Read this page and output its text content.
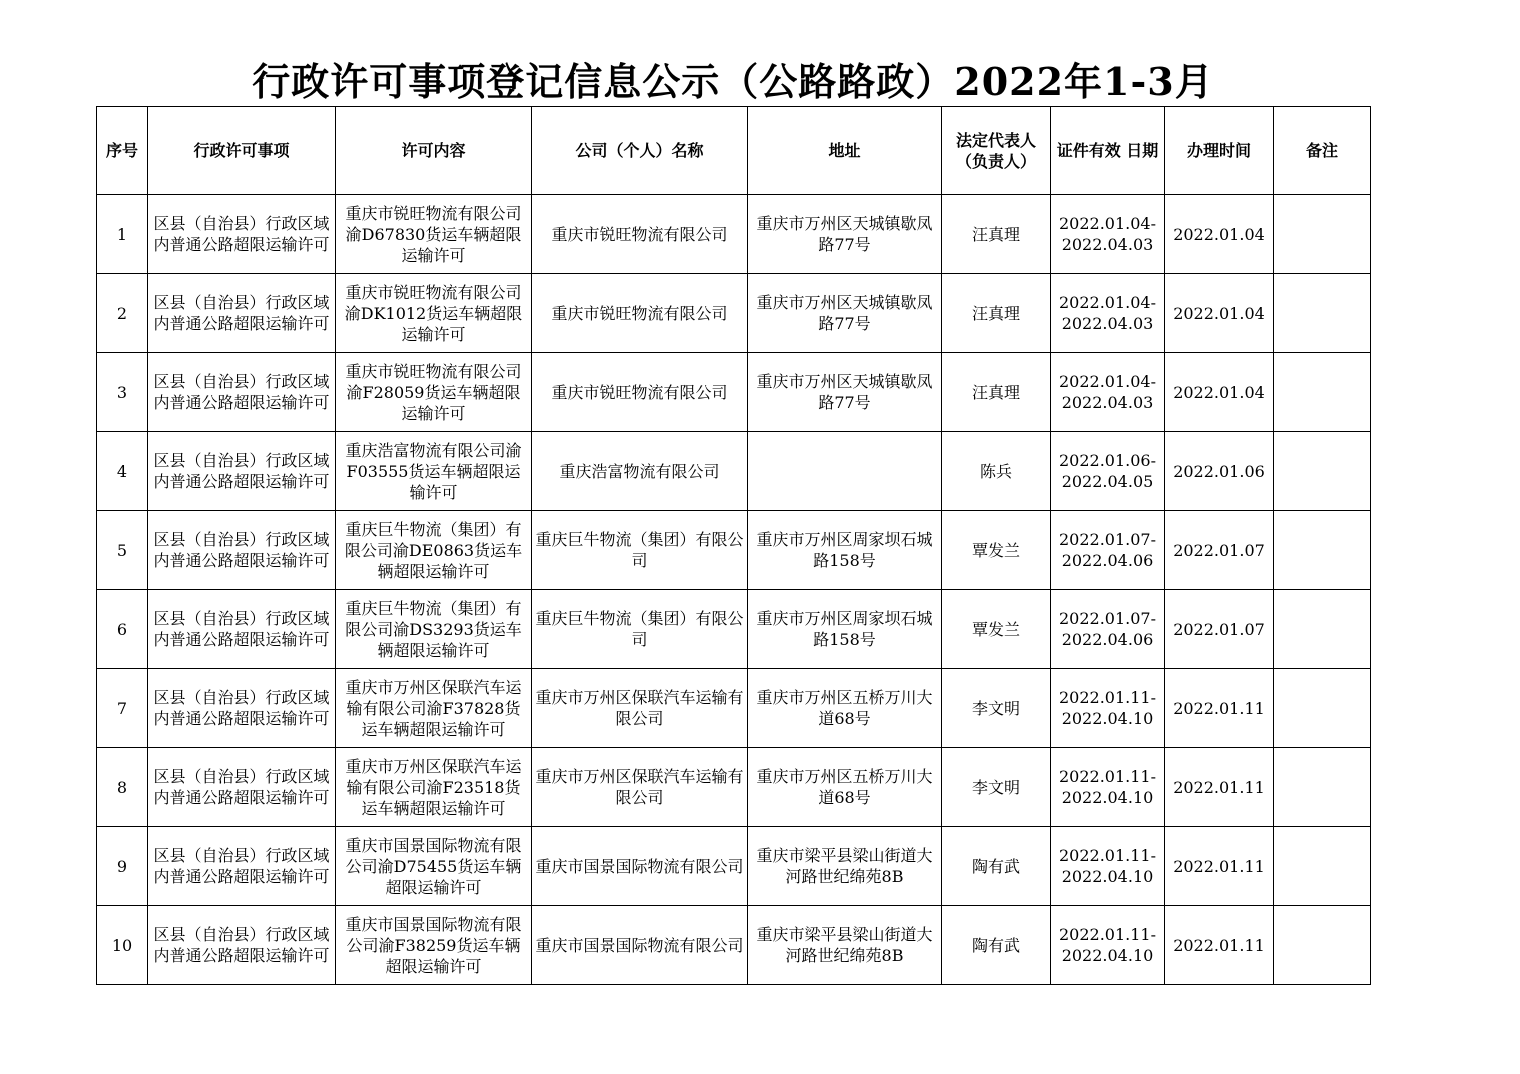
行政许可事项登记信息公示（公路路政）2022年1-3月
序号	行政许可事项	许可内容	公司（个人）名称	地址	法定代表人（负责人）	证件有效 日期	办理时间	备注
1	区县（自治县）行政区域内普通公路超限运输许可	重庆市锐旺物流有限公司渝D67830货运车辆超限运输许可	重庆市锐旺物流有限公司	重庆市万州区天城镇歇凤路77号	汪真理	2022.01.04-2022.04.03	2022.01.04	
2	区县（自治县）行政区域内普通公路超限运输许可	重庆市锐旺物流有限公司渝DK1012货运车辆超限运输许可	重庆市锐旺物流有限公司	重庆市万州区天城镇歇凤路77号	汪真理	2022.01.04-2022.04.03	2022.01.04	
3	区县（自治县）行政区域内普通公路超限运输许可	重庆市锐旺物流有限公司渝F28059货运车辆超限运输许可	重庆市锐旺物流有限公司	重庆市万州区天城镇歇凤路77号	汪真理	2022.01.04-2022.04.03	2022.01.04	
4	区县（自治县）行政区域内普通公路超限运输许可	重庆浩富物流有限公司渝F03555货运车辆超限运输许可	重庆浩富物流有限公司		陈兵	2022.01.06-2022.04.05	2022.01.06	
5	区县（自治县）行政区域内普通公路超限运输许可	重庆巨牛物流（集团）有限公司渝DE0863货运车辆超限运输许可	重庆巨牛物流（集团）有限公司	重庆市万州区周家坝石城路158号	覃发兰	2022.01.07-2022.04.06	2022.01.07	
6	区县（自治县）行政区域内普通公路超限运输许可	重庆巨牛物流（集团）有限公司渝DS3293货运车辆超限运输许可	重庆巨牛物流（集团）有限公司	重庆市万州区周家坝石城路158号	覃发兰	2022.01.07-2022.04.06	2022.01.07	
7	区县（自治县）行政区域内普通公路超限运输许可	重庆市万州区保联汽车运输有限公司渝F37828货运车辆超限运输许可	重庆市万州区保联汽车运输有限公司	重庆市万州区五桥万川大道68号	李文明	2022.01.11-2022.04.10	2022.01.11	
8	区县（自治县）行政区域内普通公路超限运输许可	重庆市万州区保联汽车运输有限公司渝F23518货运车辆超限运输许可	重庆市万州区保联汽车运输有限公司	重庆市万州区五桥万川大道68号	李文明	2022.01.11-2022.04.10	2022.01.11	
9	区县（自治县）行政区域内普通公路超限运输许可	重庆市国景国际物流有限公司渝D75455货运车辆超限运输许可	重庆市国景国际物流有限公司	重庆市梁平县梁山街道大河路世纪绵苑8B	陶有武	2022.01.11-2022.04.10	2022.01.11	
10	区县（自治县）行政区域内普通公路超限运输许可	重庆市国景国际物流有限公司渝F38259货运车辆超限运输许可	重庆市国景国际物流有限公司	重庆市梁平县梁山街道大河路世纪绵苑8B	陶有武	2022.01.11-2022.04.10	2022.01.11	
